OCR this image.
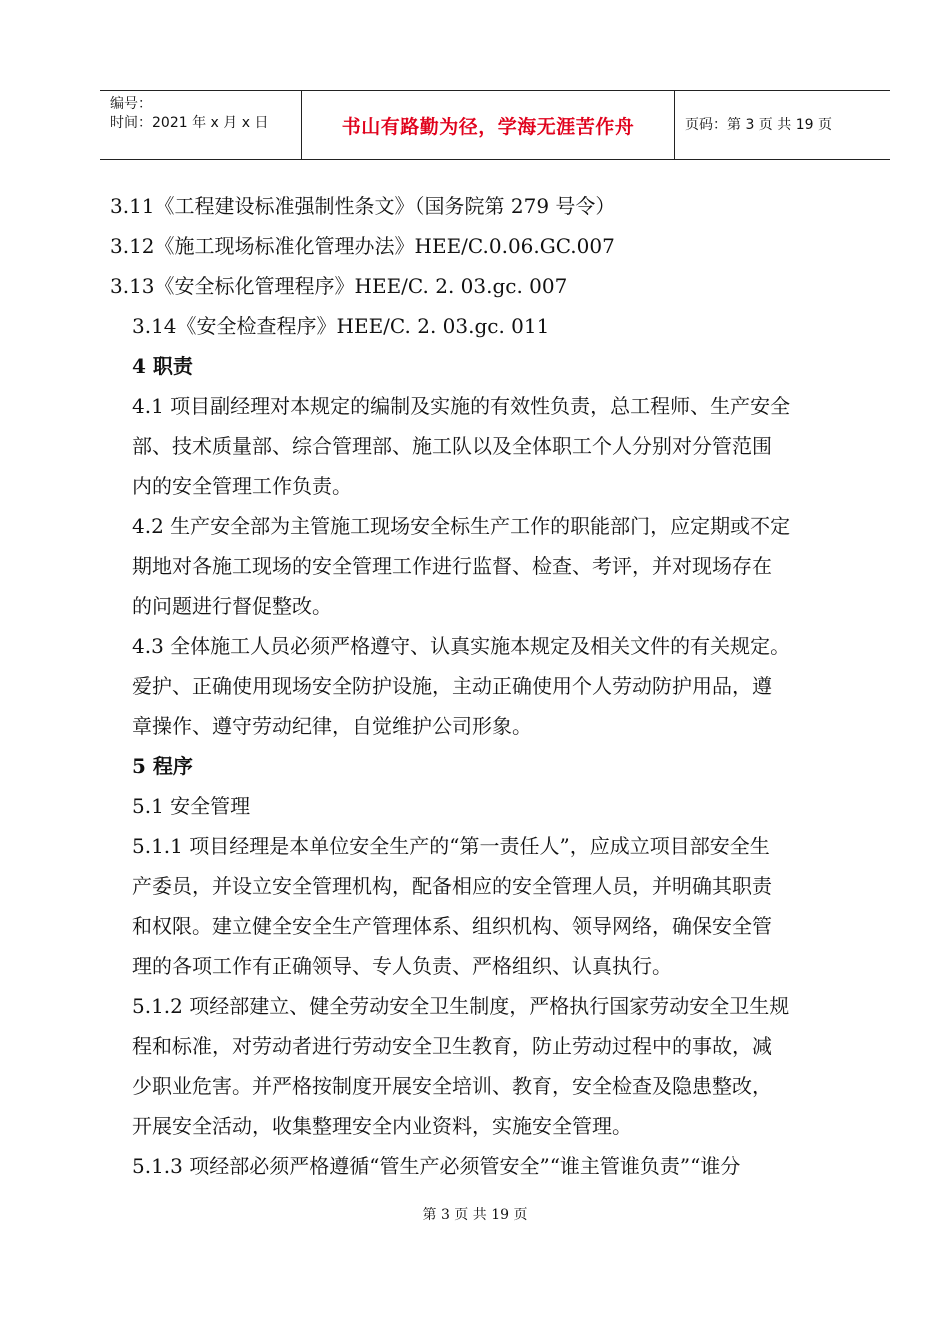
编号：
时间：2021 年 x 月 x 日	书山有路勤为径，学海无涯苦作舟	页码：第 3 页 共 19 页
3.11《工程建设标准强制性条文》（国务院第 279 号令）
3.12《施工现场标准化管理办法》HEE/C.0.06.GC.007
3.13《安全标化管理程序》HEE/C. 2. 03.gc. 007
3.14《安全检查程序》HEE/C. 2. 03.gc. 011
4 职责
4.1 项目副经理对本规定的编制及实施的有效性负责，总工程师、生产安全
部、技术质量部、综合管理部、施工队以及全体职工个人分别对分管范围
内的安全管理工作负责。
4.2 生产安全部为主管施工现场安全标生产工作的职能部门，应定期或不定
期地对各施工现场的安全管理工作进行监督、检查、考评，并对现场存在
的问题进行督促整改。
4.3 全体施工人员必须严格遵守、认真实施本规定及相关文件的有关规定。
爱护、正确使用现场安全防护设施，主动正确使用个人劳动防护用品，遵
章操作、遵守劳动纪律，自觉维护公司形象。
5 程序
5.1 安全管理
5.1.1 项目经理是本单位安全生产的“第一责任人”，应成立项目部安全生
产委员，并设立安全管理机构，配备相应的安全管理人员，并明确其职责
和权限。建立健全安全生产管理体系、组织机构、领导网络，确保安全管
理的各项工作有正确领导、专人负责、严格组织、认真执行。
5.1.2 项经部建立、健全劳动安全卫生制度，严格执行国家劳动安全卫生规
程和标准，对劳动者进行劳动安全卫生教育，防止劳动过程中的事故，减
少职业危害。并严格按制度开展安全培训、教育，安全检查及隐患整改，
开展安全活动，收集整理安全内业资料，实施安全管理。
5.1.3 项经部必须严格遵循“管生产必须管安全”“谁主管谁负责”“谁分
第 3 页 共 19 页
